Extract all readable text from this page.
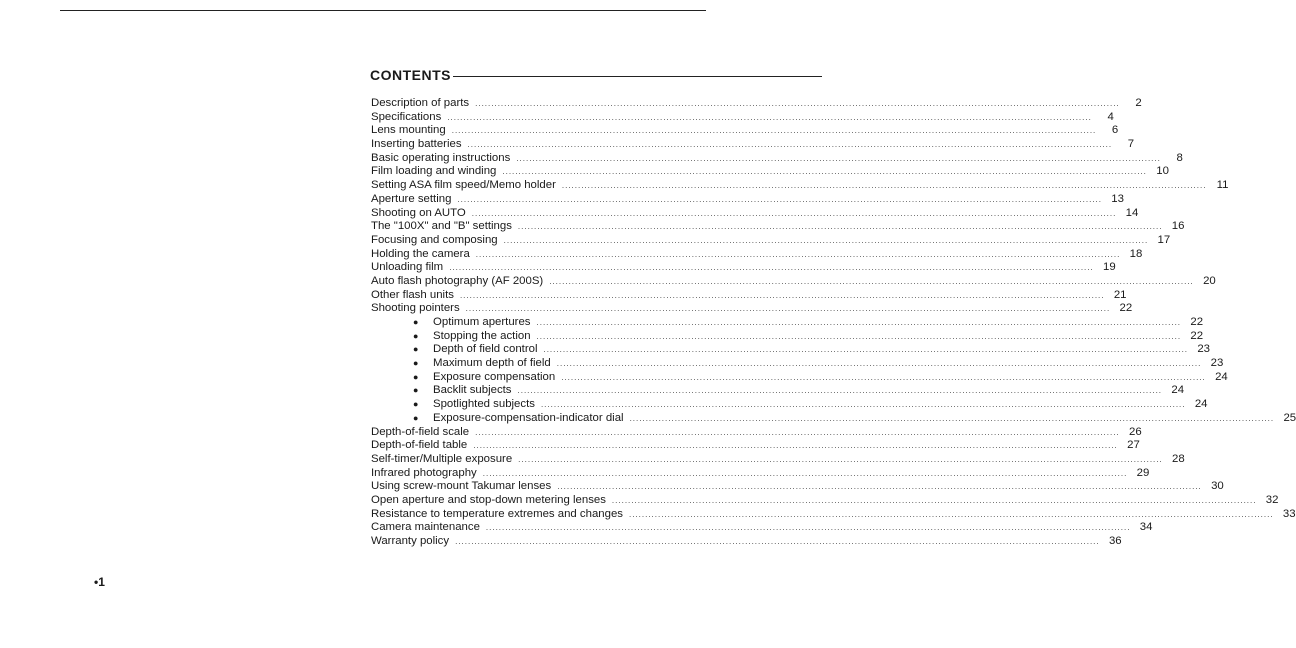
CONTENTS
Description of parts ........................................................................................................................................................................................................	2
Specifications ........................................................................................................................................................................................................	4
Lens mounting ........................................................................................................................................................................................................	6
Inserting batteries ........................................................................................................................................................................................................	7
Basic operating instructions ........................................................................................................................................................................................................	8
Film loading and winding ........................................................................................................................................................................................................ 10
Setting ASA film speed/Memo holder ........................................................................................................................................................................................................ 11
Aperture setting ........................................................................................................................................................................................................ 13
Shooting on AUTO ........................................................................................................................................................................................................ 14
The "100X" and "B" settings ........................................................................................................................................................................................................ 16
Focusing and composing ........................................................................................................................................................................................................ 17
Holding the camera ........................................................................................................................................................................................................ 18
Unloading film ........................................................................................................................................................................................................ 19
Auto flash photography (AF 200S) ........................................................................................................................................................................................................ 20
Other flash units ........................................................................................................................................................................................................ 21
Shooting pointers ........................................................................................................................................................................................................ 22
●	Optimum apertures ........................................................................................................................................................................................................ 22
●	Stopping the action ........................................................................................................................................................................................................ 22
●	Depth of field control ........................................................................................................................................................................................................ 23
●	Maximum depth of field ........................................................................................................................................................................................................ 23
●	Exposure compensation ........................................................................................................................................................................................................ 24
●	Backlit subjects ........................................................................................................................................................................................................ 24
●	Spotlighted subjects ........................................................................................................................................................................................................ 24
●	Exposure-compensation-indicator dial ........................................................................................................................................................................................................ 25
Depth-of-field scale ........................................................................................................................................................................................................ 26
Depth-of-field table ........................................................................................................................................................................................................ 27
Self-timer/Multiple exposure ........................................................................................................................................................................................................ 28
Infrared photography ........................................................................................................................................................................................................ 29
Using screw-mount Takumar lenses ........................................................................................................................................................................................................ 30
Open aperture and stop-down metering lenses ........................................................................................................................................................................................................ 32
Resistance to temperature extremes and changes ........................................................................................................................................................................................................ 33
Camera maintenance ........................................................................................................................................................................................................ 34
Warranty policy ........................................................................................................................................................................................................ 36
•1
